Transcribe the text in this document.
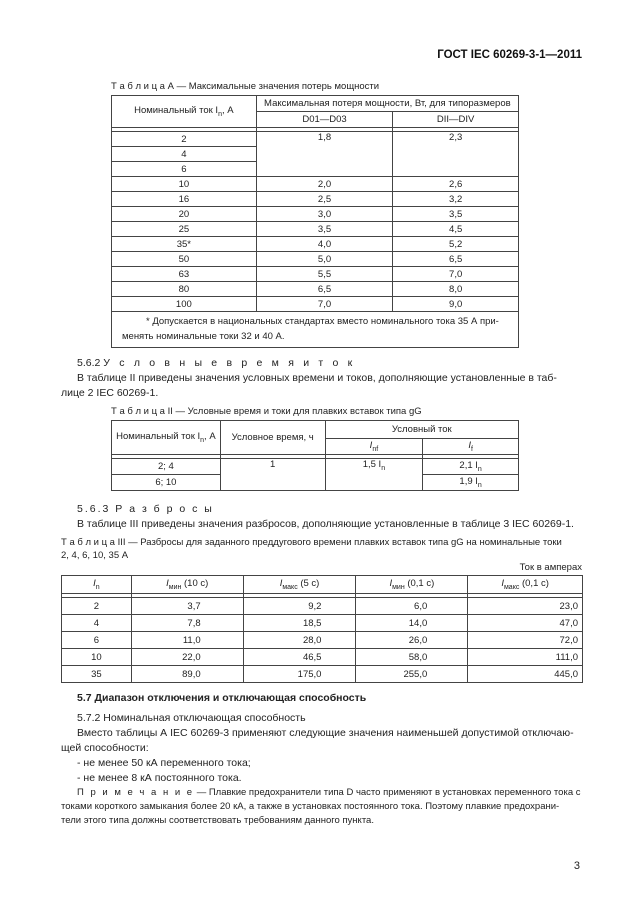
ГОСТ IEC 60269-3-1—2011
Т а б л и ц а А — Максимальные значения потерь мощности
Номинальный ток $I_n$, А	Максимальная потеря мощности, Вт, для типоразмеров	
	D01—D03	DII—DIV

2	1,8	2,3
4		
6		
10	2,0	2,6
16	2,5	3,2
20	3,0	3,5
25	3,5	4,5
35*	4,0	5,2
50	5,0	6,5
63	5,5	7,0
80	6,5	8,0
100	7,0	9,0

* Допускается в национальных стандартах вместо номинального тока 35 А при-
менять номинальные токи 32 и 40 А.		
5.6.2 У с л о в н ы е в р е м я и т о к
В таблице II приведены значения условных времени и токов, дополняющие установленные в таб-
лице 2 IEC 60269-1.
Т а б л и ц а II — Условные время и токи для плавких вставок типа gG
Номинальный ток $I_n$, А	Условное время, ч	Условный ток	
		$I_{nf}$	$I_f$

2; 4	1	1,5 $I_n$	2,1 $I_n$
6; 10			1,9 $I_n$
5.6.3 Р а з б р о с ы
В таблице III приведены значения разбросов, дополняющие установленные в таблице 3 IEC 60269-1.
Т а б л и ц а III — Разбросы для заданного преддугового времени плавких вставок типа gG на номинальные токи
2, 4, 6, 10, 35 А
Ток в амперах
$I_n$	$I_{мин}$ (10 с)	$I_{макс}$ (5 с)	$I_{мин}$ (0,1 с)	$I_{макс}$ (0,1 с)

2	3,7	9,2	6,0	23,0
4	7,8	18,5	14,0	47,0
6	11,0	28,0	26,0	72,0
10	22,0	46,5	58,0	111,0
35	89,0	175,0	255,0	445,0
5.7 Диапазон отключения и отключающая способность
5.7.2 Номинальная отключающая способность
Вместо таблицы А IEC 60269-3 применяют следующие значения наименьшей допустимой отключаю-
щей способности:
- не менее 50 кА переменного тока;
- не менее 8 кА постоянного тока.
П р и м е ч а н и е — Плавкие предохранители типа D часто применяют в установках переменного тока с
токами короткого замыкания более 20 кА, а также в установках постоянного тока. Поэтому плавкие предохрани-
тели этого типа должны соответствовать требованиям данного пункта.
3
